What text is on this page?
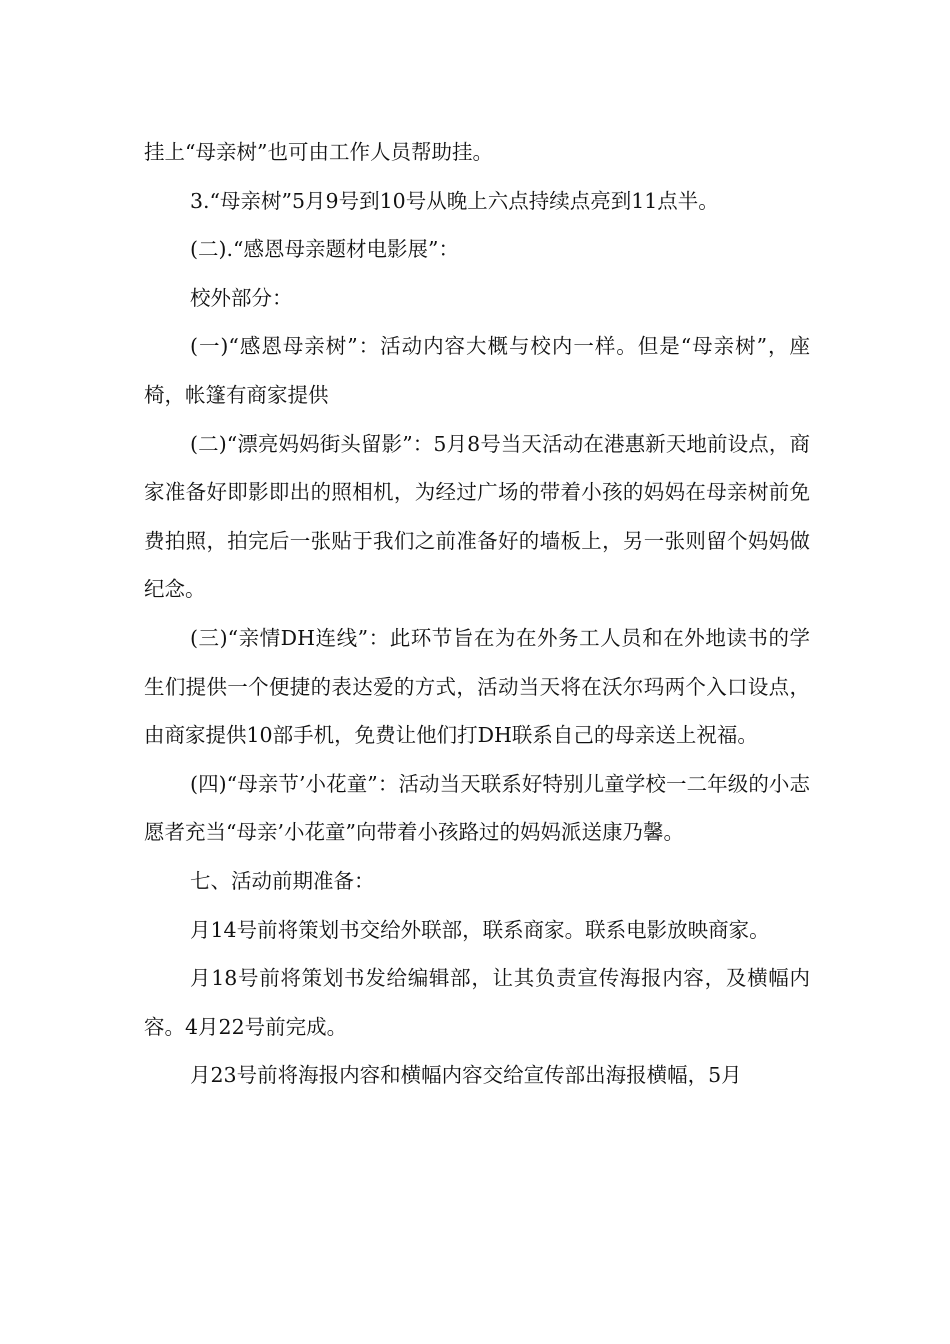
挂上“母亲树”也可由工作人员帮助挂。

3.“母亲树”5月9号到10号从晚上六点持续点亮到11点半。

(二).“感恩母亲题材电影展”：

校外部分：

(一)“感恩母亲树”：活动内容大概与校内一样。但是“母亲树”，座椅，帐篷有商家提供

(二)“漂亮妈妈街头留影”：5月8号当天活动在港惠新天地前设点，商家准备好即影即出的照相机，为经过广场的带着小孩的妈妈在母亲树前免费拍照，拍完后一张贴于我们之前准备好的墙板上，另一张则留个妈妈做纪念。

(三)“亲情DH连线”：此环节旨在为在外务工人员和在外地读书的学生们提供一个便捷的表达爱的方式，活动当天将在沃尔玛两个入口设点，由商家提供10部手机，免费让他们打DH联系自己的母亲送上祝福。

(四)“母亲节’小花童”：活动当天联系好特别儿童学校一二年级的小志愿者充当“母亲’小花童”向带着小孩路过的妈妈派送康乃馨。

七、活动前期准备：

月14号前将策划书交给外联部，联系商家。联系电影放映商家。

月18号前将策划书发给编辑部，让其负责宣传海报内容，及横幅内容。4月22号前完成。

月23号前将海报内容和横幅内容交给宣传部出海报横幅，5月
